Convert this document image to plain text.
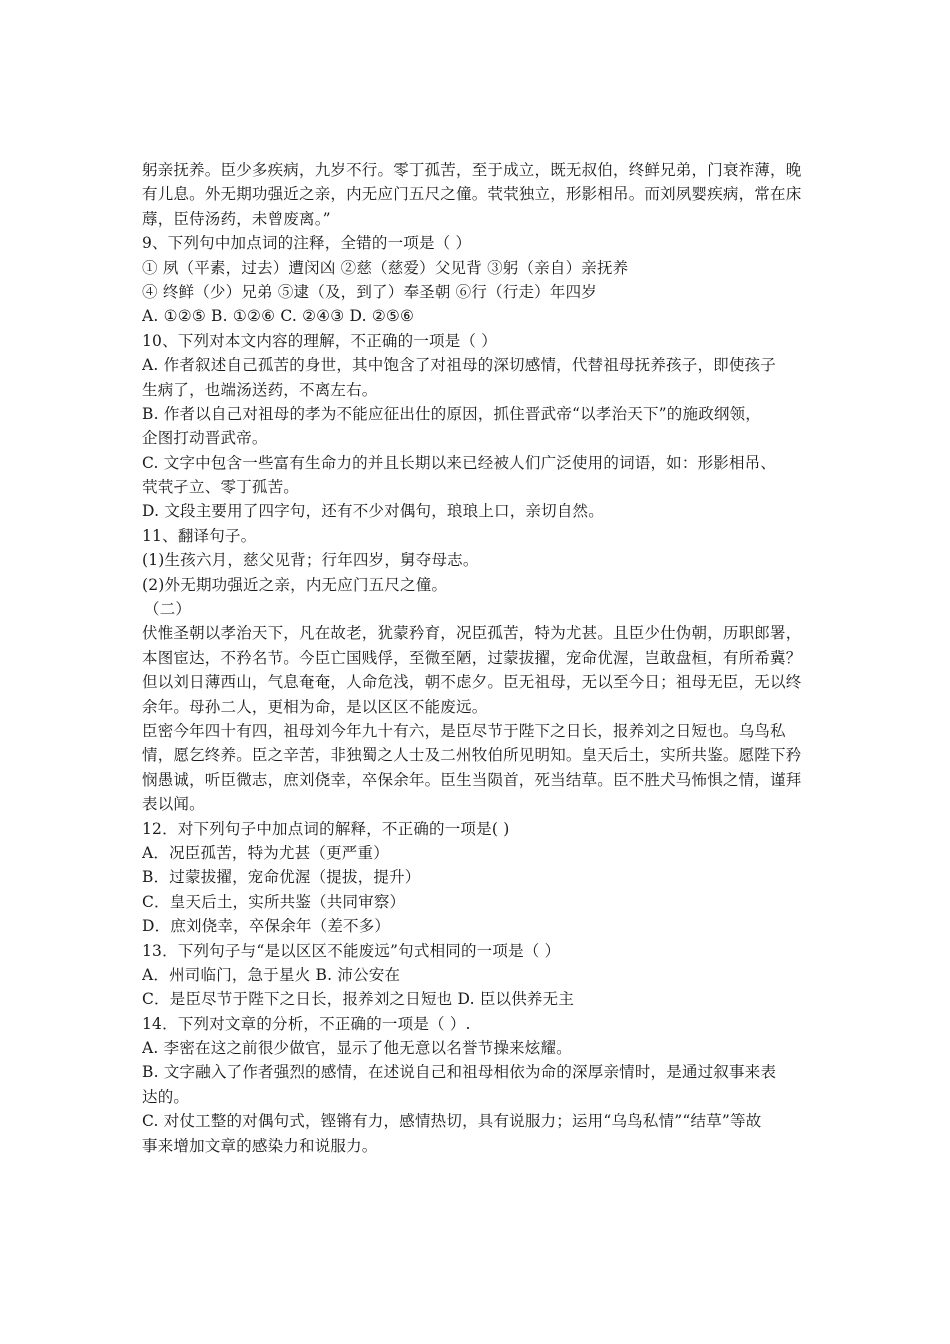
躬亲抚养。臣少多疾病，九岁不行。零丁孤苦，至于成立，既无叔伯，终鲜兄弟，门衰祚薄，晚
有儿息。外无期功强近之亲，内无应门五尺之僮。茕茕独立，形影相吊。而刘夙婴疾病，常在床
蓐，臣侍汤药，未曾废离。”
9、下列句中加点词的注释，全错的一项是（ ）
① 夙（平素，过去）遭闵凶 ②慈（慈爱）父见背 ③躬（亲自）亲抚养
④ 终鲜（少）兄弟 ⑤逮（及，到了）奉圣朝 ⑥行（行走）年四岁
A. ①②⑤ B. ①②⑥ C. ②④③ D. ②⑤⑥
10、下列对本文内容的理解，不正确的一项是（ ）
A. 作者叙述自己孤苦的身世，其中饱含了对祖母的深切感情，代替祖母抚养孩子，即使孩子
生病了，也端汤送药，不离左右。
B. 作者以自己对祖母的孝为不能应征出仕的原因，抓住晋武帝“以孝治天下”的施政纲领，
企图打动晋武帝。
C. 文字中包含一些富有生命力的并且长期以来已经被人们广泛使用的词语，如：形影相吊、
茕茕孑立、零丁孤苦。
D. 文段主要用了四字句，还有不少对偶句，琅琅上口，亲切自然。
11、翻译句子。
(1)生孩六月，慈父见背；行年四岁，舅夺母志。
(2)外无期功强近之亲，内无应门五尺之僮。
（二）
伏惟圣朝以孝治天下，凡在故老，犹蒙矜育，况臣孤苦，特为尤甚。且臣少仕伪朝，历职郎署，
本图宦达，不矜名节。今臣亡国贱俘，至微至陋，过蒙拔擢，宠命优渥，岂敢盘桓，有所希冀？
但以刘日薄西山，气息奄奄，人命危浅，朝不虑夕。臣无祖母，无以至今日；祖母无臣，无以终
余年。母孙二人，更相为命，是以区区不能废远。
臣密今年四十有四，祖母刘今年九十有六，是臣尽节于陛下之日长，报养刘之日短也。乌鸟私
情，愿乞终养。臣之辛苦，非独蜀之人士及二州牧伯所见明知。皇天后土，实所共鉴。愿陛下矜
悯愚诚，听臣微志，庶刘侥幸，卒保余年。臣生当陨首，死当结草。臣不胜犬马怖惧之情，谨拜
表以闻。
12．对下列句子中加点词的解释，不正确的一项是( )
A．况臣孤苦，特为尤甚（更严重）
B．过蒙拔擢，宠命优渥（提拔，提升）
C．皇天后土，实所共鉴（共同审察）
D．庶刘侥幸，卒保余年（差不多）
13．下列句子与“是以区区不能废远”句式相同的一项是（ ）
A．州司临门，急于星火 B. 沛公安在
C．是臣尽节于陛下之日长，报养刘之日短也 D. 臣以供养无主
14．下列对文章的分析，不正确的一项是（ ）.
A. 李密在这之前很少做官，显示了他无意以名誉节操来炫耀。
B. 文字融入了作者强烈的感情，在述说自己和祖母相依为命的深厚亲情时，是通过叙事来表
达的。
C. 对仗工整的对偶句式，铿锵有力，感情热切，具有说服力；运用“乌鸟私情”“结草”等故
事来增加文章的感染力和说服力。
